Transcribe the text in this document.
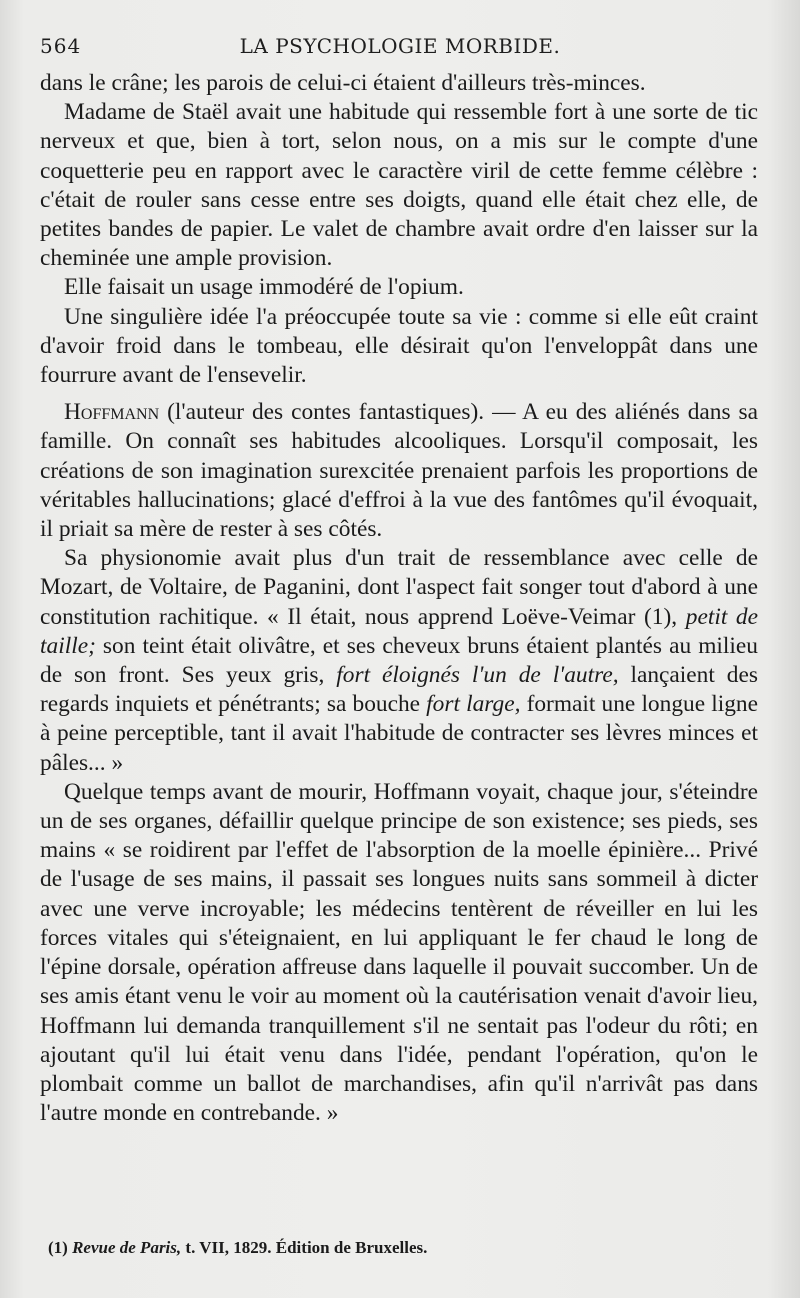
564	LA PSYCHOLOGIE MORBIDE.

dans le crâne; les parois de celui-ci étaient d'ailleurs très-minces.

Madame de Staël avait une habitude qui ressemble fort à une sorte de tic nerveux et que, bien à tort, selon nous, on a mis sur le compte d'une coquetterie peu en rapport avec le caractère viril de cette femme célèbre : c'était de rouler sans cesse entre ses doigts, quand elle était chez elle, de petites bandes de papier. Le valet de chambre avait ordre d'en laisser sur la cheminée une ample provision.

Elle faisait un usage immodéré de l'opium.

Une singulière idée l'a préoccupée toute sa vie : comme si elle eût craint d'avoir froid dans le tombeau, elle désirait qu'on l'enveloppât dans une fourrure avant de l'ensevelir.

Hoffmann (l'auteur des contes fantastiques). — A eu des aliénés dans sa famille. On connaît ses habitudes alcooliques. Lorsqu'il composait, les créations de son imagination surexcitée prenaient parfois les proportions de véritables hallucinations; glacé d'effroi à la vue des fantômes qu'il évoquait, il priait sa mère de rester à ses côtés.

Sa physionomie avait plus d'un trait de ressemblance avec celle de Mozart, de Voltaire, de Paganini, dont l'aspect fait songer tout d'abord à une constitution rachitique. « Il était, nous apprend Loëve-Veimar (1), petit de taille; son teint était olivâtre, et ses cheveux bruns étaient plantés au milieu de son front. Ses yeux gris, fort éloignés l'un de l'autre, lançaient des regards inquiets et pénétrants; sa bouche fort large, formait une longue ligne à peine perceptible, tant il avait l'habitude de contracter ses lèvres minces et pâles... »

Quelque temps avant de mourir, Hoffmann voyait, chaque jour, s'éteindre un de ses organes, défaillir quelque principe de son existence; ses pieds, ses mains « se roidirent par l'effet de l'absorption de la moelle épinière... Privé de l'usage de ses mains, il passait ses longues nuits sans sommeil à dicter avec une verve incroyable; les médecins tentèrent de réveiller en lui les forces vitales qui s'éteignaient, en lui appliquant le fer chaud le long de l'épine dorsale, opération affreuse dans laquelle il pouvait succomber. Un de ses amis étant venu le voir au moment où la cautérisation venait d'avoir lieu, Hoffmann lui demanda tranquillement s'il ne sentait pas l'odeur du rôti; en ajoutant qu'il lui était venu dans l'idée, pendant l'opération, qu'on le plombait comme un ballot de marchandises, afin qu'il n'arrivât pas dans l'autre monde en contrebande. »

(1) Revue de Paris, t. VII, 1829. Édition de Bruxelles.
